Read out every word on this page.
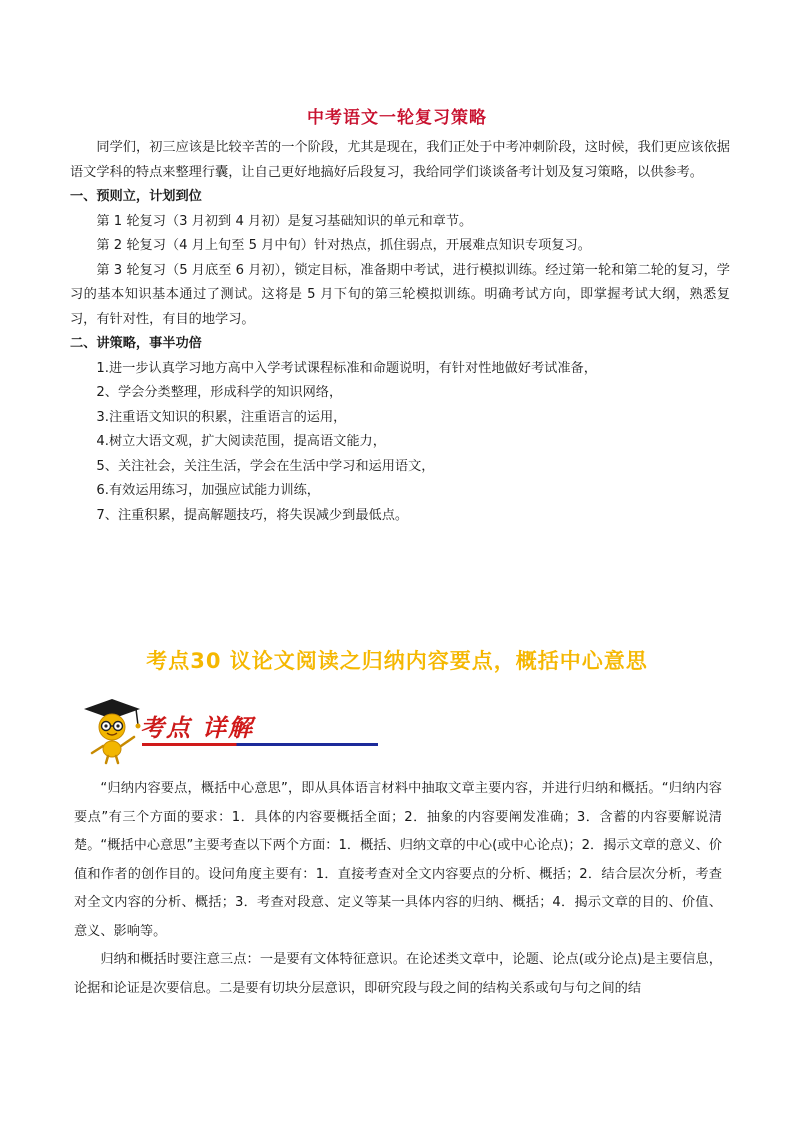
中考语文一轮复习策略

同学们，初三应该是比较辛苦的一个阶段，尤其是现在，我们正处于中考冲刺阶段，这时候，我们更应该依据语文学科的特点来整理行囊，让自己更好地搞好后段复习，我给同学们谈谈备考计划及复习策略，以供参考。

一、预则立，计划到位

第 1 轮复习（3 月初到 4 月初）是复习基础知识的单元和章节。

第 2 轮复习（4 月上旬至 5 月中旬）针对热点，抓住弱点，开展难点知识专项复习。

第 3 轮复习（5 月底至 6 月初），锁定目标，准备期中考试，进行模拟训练。经过第一轮和第二轮的复习，学习的基本知识基本通过了测试。这将是 5 月下旬的第三轮模拟训练。明确考试方向，即掌握考试大纲，熟悉复习，有针对性，有目的地学习。

二、讲策略，事半功倍

1.进一步认真学习地方高中入学考试课程标准和命题说明，有针对性地做好考试准备，

2、学会分类整理，形成科学的知识网络，

3.注重语文知识的积累，注重语言的运用，

4.树立大语文观，扩大阅读范围，提高语文能力，

5、关注社会，关注生活，学会在生活中学习和运用语文，

6.有效运用练习，加强应试能力训练，

7、注重积累，提高解题技巧，将失误减少到最低点。

考点30 议论文阅读之归纳内容要点，概括中心意思
考点 详解

“归纳内容要点，概括中心意思”，即从具体语言材料中抽取文章主要内容，并进行归纳和概括。“归纳内容要点”有三个方面的要求：1．具体的内容要概括全面；2．抽象的内容要阐发准确；3．含蓄的内容要解说清楚。“概括中心意思”主要考查以下两个方面：1．概括、归纳文章的中心(或中心论点)；2．揭示文章的意义、价值和作者的创作目的。设问角度主要有：1．直接考查对全文内容要点的分析、概括；2．结合层次分析，考查对全文内容的分析、概括；3．考查对段意、定义等某一具体内容的归纳、概括；4．揭示文章的目的、价值、意义、影响等。

归纳和概括时要注意三点：一是要有文体特征意识。在论述类文章中，论题、论点(或分论点)是主要信息，论据和论证是次要信息。二是要有切块分层意识，即研究段与段之间的结构关系或句与句之间的结
